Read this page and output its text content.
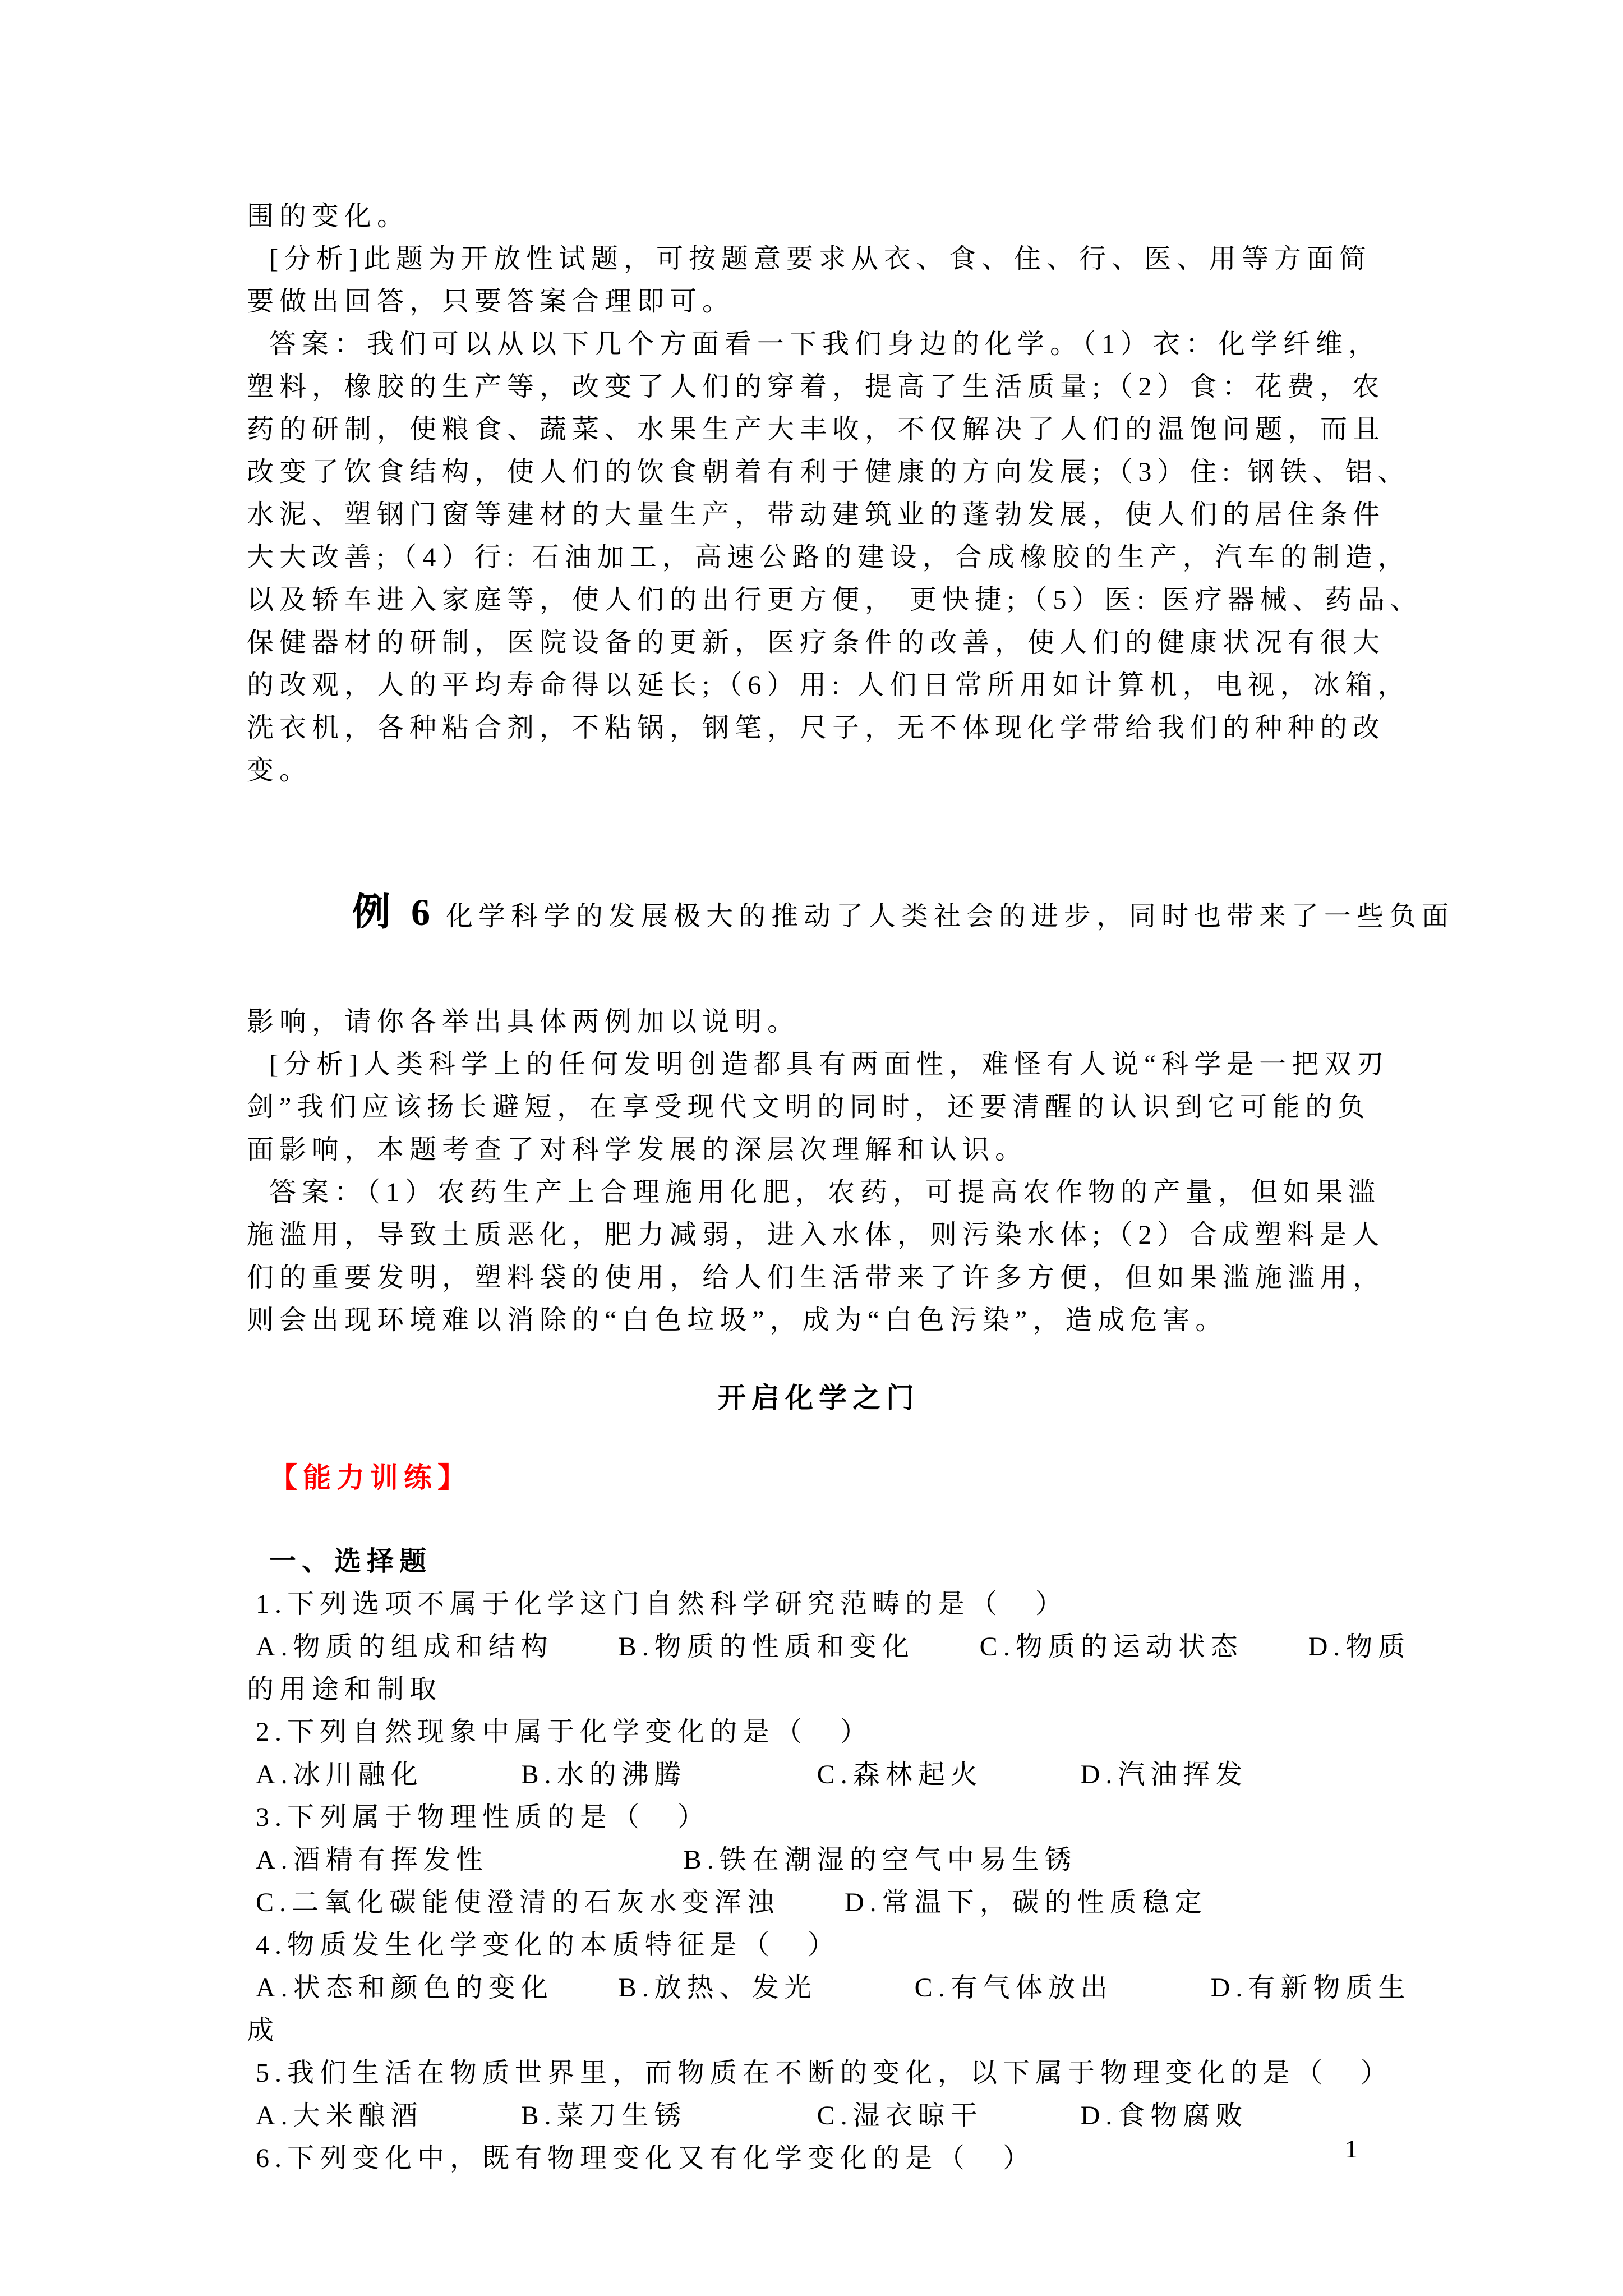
围的变化。
[分析]此题为开放性试题，可按题意要求从衣、食、住、行、医、用等方面简
要做出回答，只要答案合理即可。
答案：我们可以从以下几个方面看一下我们身边的化学。（1）衣：化学纤维，
塑料，橡胶的生产等，改变了人们的穿着，提高了生活质量;（2）食：花费，农
药的研制，使粮食、蔬菜、水果生产大丰收，不仅解决了人们的温饱问题，而且
改变了饮食结构，使人们的饮食朝着有利于健康的方向发展;（3）住: 钢铁、铝、
水泥、塑钢门窗等建材的大量生产，带动建筑业的蓬勃发展，使人们的居住条件
大大改善;（4）行: 石油加工，高速公路的建设，合成橡胶的生产，汽车的制造，
以及轿车进入家庭等，使人们的出行更方便， 更快捷;（5）医: 医疗器械、药品、
保健器材的研制，医院设备的更新，医疗条件的改善，使人们的健康状况有很大
的改观，人的平均寿命得以延长;（6）用: 人们日常所用如计算机，电视，冰箱，
洗衣机，各种粘合剂，不粘锅，钢笔，尺子，无不体现化学带给我们的种种的改
变。

例 6 化学科学的发展极大的推动了人类社会的进步，同时也带来了一些负面

影响，请你各举出具体两例加以说明。
[分析]人类科学上的任何发明创造都具有两面性，难怪有人说“科学是一把双刃
剑”我们应该扬长避短，在享受现代文明的同时，还要清醒的认识到它可能的负
面影响，本题考查了对科学发展的深层次理解和认识。
答案：（1）农药生产上合理施用化肥，农药，可提高农作物的产量，但如果滥
施滥用，导致土质恶化，肥力减弱，进入水体，则污染水体;（2）合成塑料是人
们的重要发明，塑料袋的使用，给人们生活带来了许多方便，但如果滥施滥用，
则会出现环境难以消除的“白色垃圾”，成为“白色污染”，造成危害。
开启化学之门
【能力训练】
一、选择题
1.下列选项不属于化学这门自然科学研究范畴的是（　）
A.物质的组成和结构　　B.物质的性质和变化　　C.物质的运动状态　　D.物质
的用途和制取
2.下列自然现象中属于化学变化的是（　）
A.冰川融化　　　B.水的沸腾　　　　C.森林起火　　　D.汽油挥发
3.下列属于物理性质的是（　）
A.酒精有挥发性　　　　　　B.铁在潮湿的空气中易生锈
C.二氧化碳能使澄清的石灰水变浑浊　　D.常温下，碳的性质稳定
4.物质发生化学变化的本质特征是（　）
A.状态和颜色的变化　　B.放热、发光　　　C.有气体放出　　　D.有新物质生
成
5.我们生活在物质世界里，而物质在不断的变化，以下属于物理变化的是（　）
A.大米酿酒　　　B.菜刀生锈　　　　C.湿衣晾干　　　D.食物腐败
6.下列变化中，既有物理变化又有化学变化的是（　）	1
